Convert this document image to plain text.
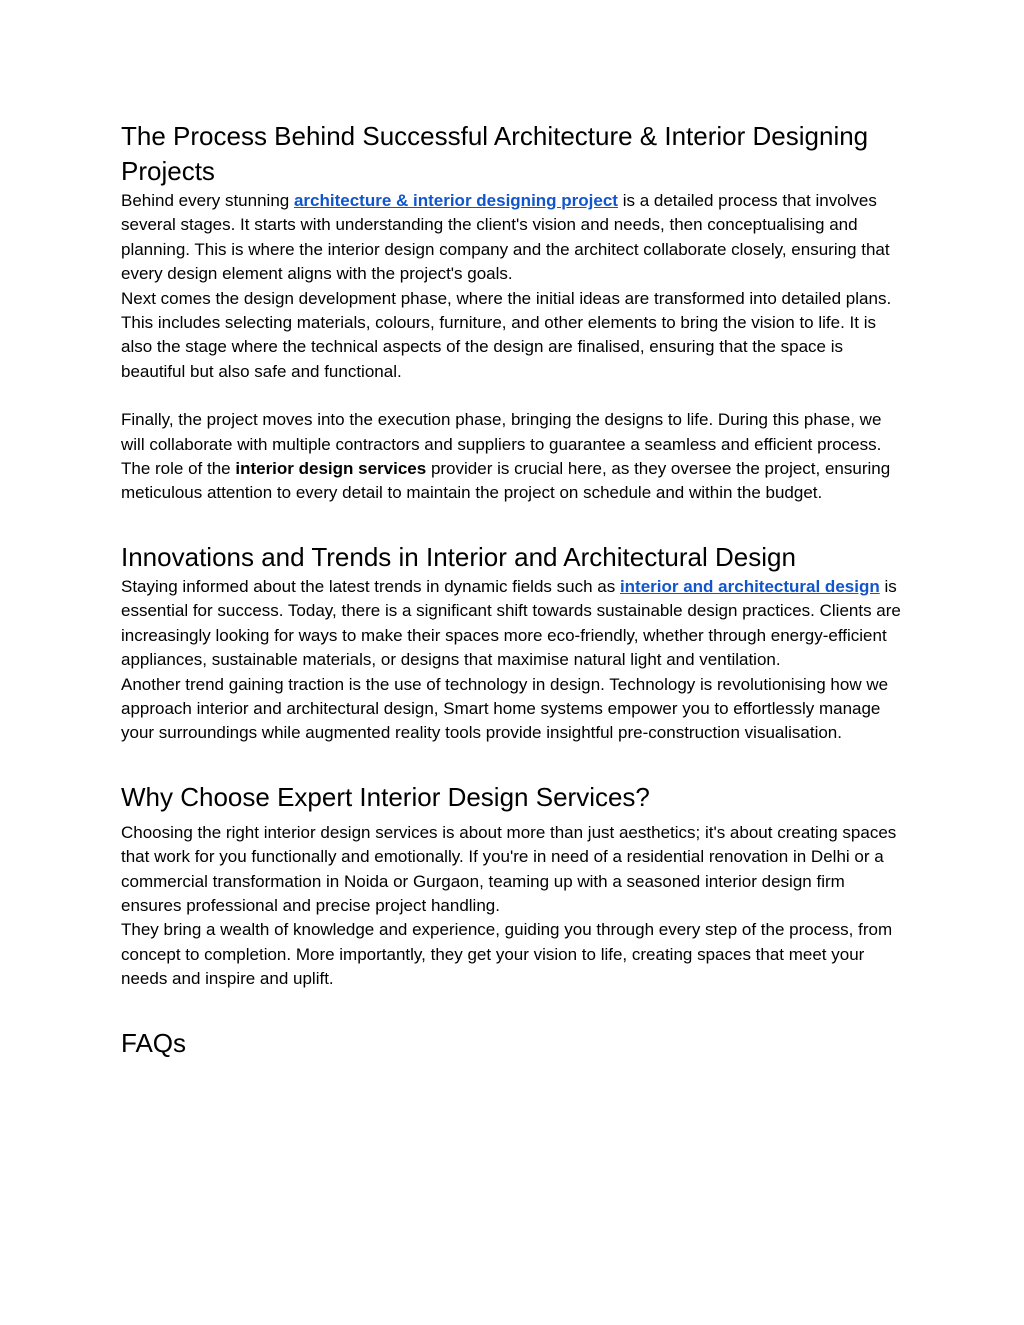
The Process Behind Successful Architecture & Interior Designing Projects

Behind every stunning architecture & interior designing project is a detailed process that involves several stages. It starts with understanding the client's vision and needs, then conceptualising and planning. This is where the interior design company and the architect collaborate closely, ensuring that every design element aligns with the project's goals.

Next comes the design development phase, where the initial ideas are transformed into detailed plans. This includes selecting materials, colours, furniture, and other elements to bring the vision to life. It is also the stage where the technical aspects of the design are finalised, ensuring that the space is beautiful but also safe and functional.

Finally, the project moves into the execution phase, bringing the designs to life. During this phase, we will collaborate with multiple contractors and suppliers to guarantee a seamless and efficient process. The role of the interior design services provider is crucial here, as they oversee the project, ensuring meticulous attention to every detail to maintain the project on schedule and within the budget.

Innovations and Trends in Interior and Architectural Design

Staying informed about the latest trends in dynamic fields such as interior and architectural design is essential for success. Today, there is a significant shift towards sustainable design practices. Clients are increasingly looking for ways to make their spaces more eco-friendly, whether through energy-efficient appliances, sustainable materials, or designs that maximise natural light and ventilation.

Another trend gaining traction is the use of technology in design. Technology is revolutionising how we approach interior and architectural design, Smart home systems empower you to effortlessly manage your surroundings while augmented reality tools provide insightful pre-construction visualisation.

Why Choose Expert Interior Design Services?

Choosing the right interior design services is about more than just aesthetics; it's about creating spaces that work for you functionally and emotionally. If you're in need of a residential renovation in Delhi or a commercial transformation in Noida or Gurgaon, teaming up with a seasoned interior design firm ensures professional and precise project handling.

They bring a wealth of knowledge and experience, guiding you through every step of the process, from concept to completion. More importantly, they get your vision to life, creating spaces that meet your needs and inspire and uplift.

FAQs
